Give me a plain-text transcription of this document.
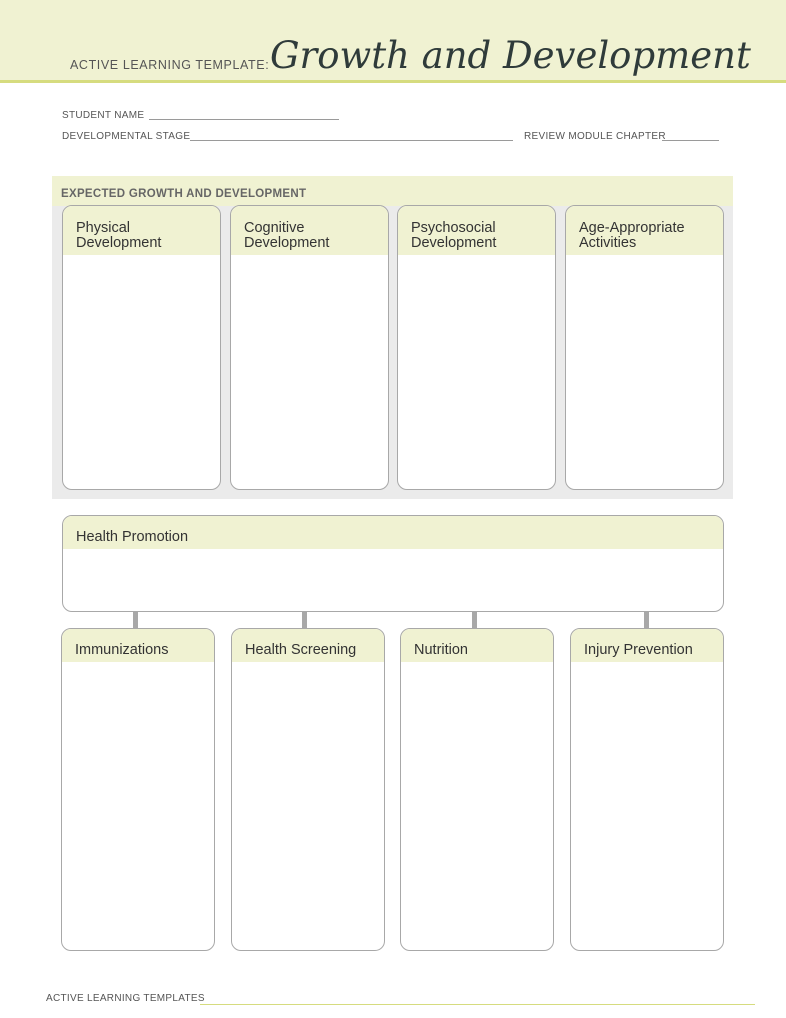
ACTIVE LEARNING TEMPLATE: Growth and Development
STUDENT NAME
DEVELOPMENTAL STAGE	REVIEW MODULE CHAPTER
EXPECTED GROWTH AND DEVELOPMENT
Physical
Development
Cognitive
Development
Psychosocial
Development
Age-Appropriate
Activities
Health Promotion
Immunizations	Health Screening	Nutrition	Injury Prevention
ACTIVE LEARNING TEMPLATES
